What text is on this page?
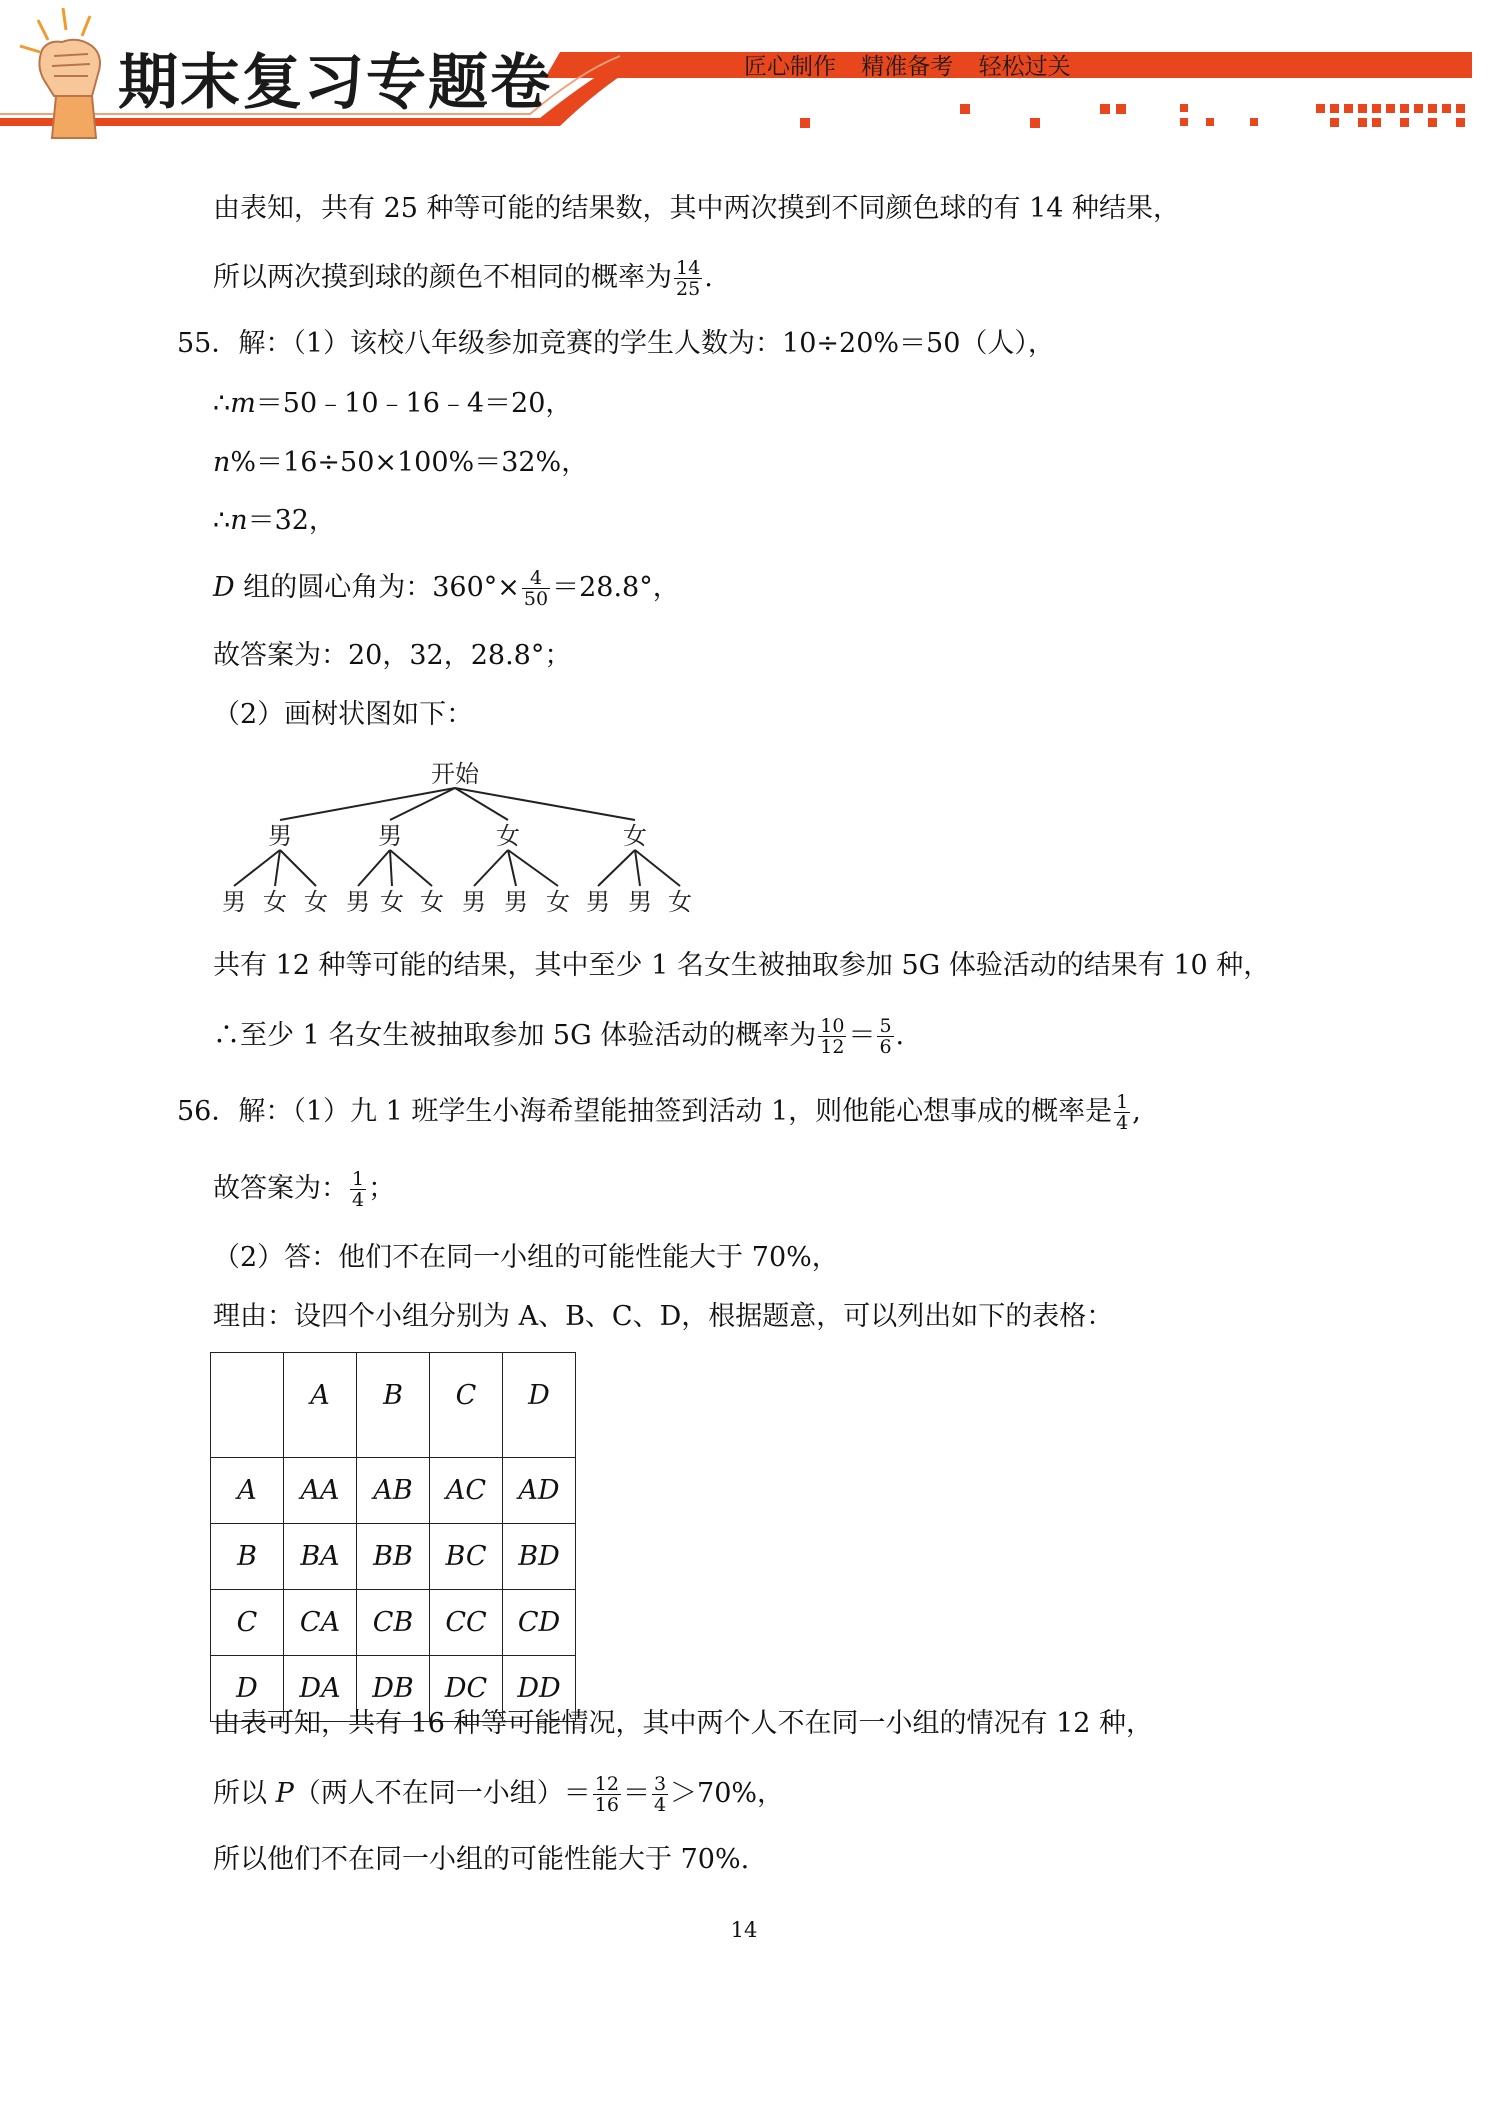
期末复习专题卷	匠心制作 精准备考 轻松过关
由表知，共有 25 种等可能的结果数，其中两次摸到不同颜色球的有 14 种结果，
所以两次摸到球的颜色不相同的概率为 $\frac{14}{25}$ .
55．解：（1）该校八年级参加竞赛的学生人数为：10÷20%＝50（人），
∴m＝50﹣10﹣16﹣4＝20，
n%＝16÷50×100%＝32%，
∴n＝32，
D 组的圆心角为：$360^\circ\times \frac{4}{50} =28.8^\circ$，
故答案为：20，32，28.8°；
（2）画树状图如下：
开始
男	男	女	女
男 女 女 男 女 女 男 男 女 男 男 女
共有 12 种等可能的结果，其中至少 1 名女生被抽取参加 5G 体验活动的结果有 10 种，
∴至少 1 名女生被抽取参加 5G 体验活动的概率为 $\frac{10}{12} = \frac{5}{6}$ .
56．解：（1）九 1 班学生小海希望能抽签到活动 1，则他能心想事成的概率是 $\frac{1}{4}$ ,
故答案为： $\frac{1}{4}$ ；
（2）答：他们不在同一小组的可能性能大于 70%，
理由：设四个小组分别为 A、B、C、D，根据题意，可以列出如下的表格：
	A	B	C	D
A	AA	AB	AC	AD
B	BA	BB	BC	BD
C	CA	CB	CC	CD
D	DA	DB	DC	DD
由表可知，共有 16 种等可能情况，其中两个人不在同一小组的情况有 12 种，
所以 P（两人不在同一小组）＝ $\frac{12}{16} = \frac{3}{4} >70\%$，
所以他们不在同一小组的可能性能大于 70%.
14
